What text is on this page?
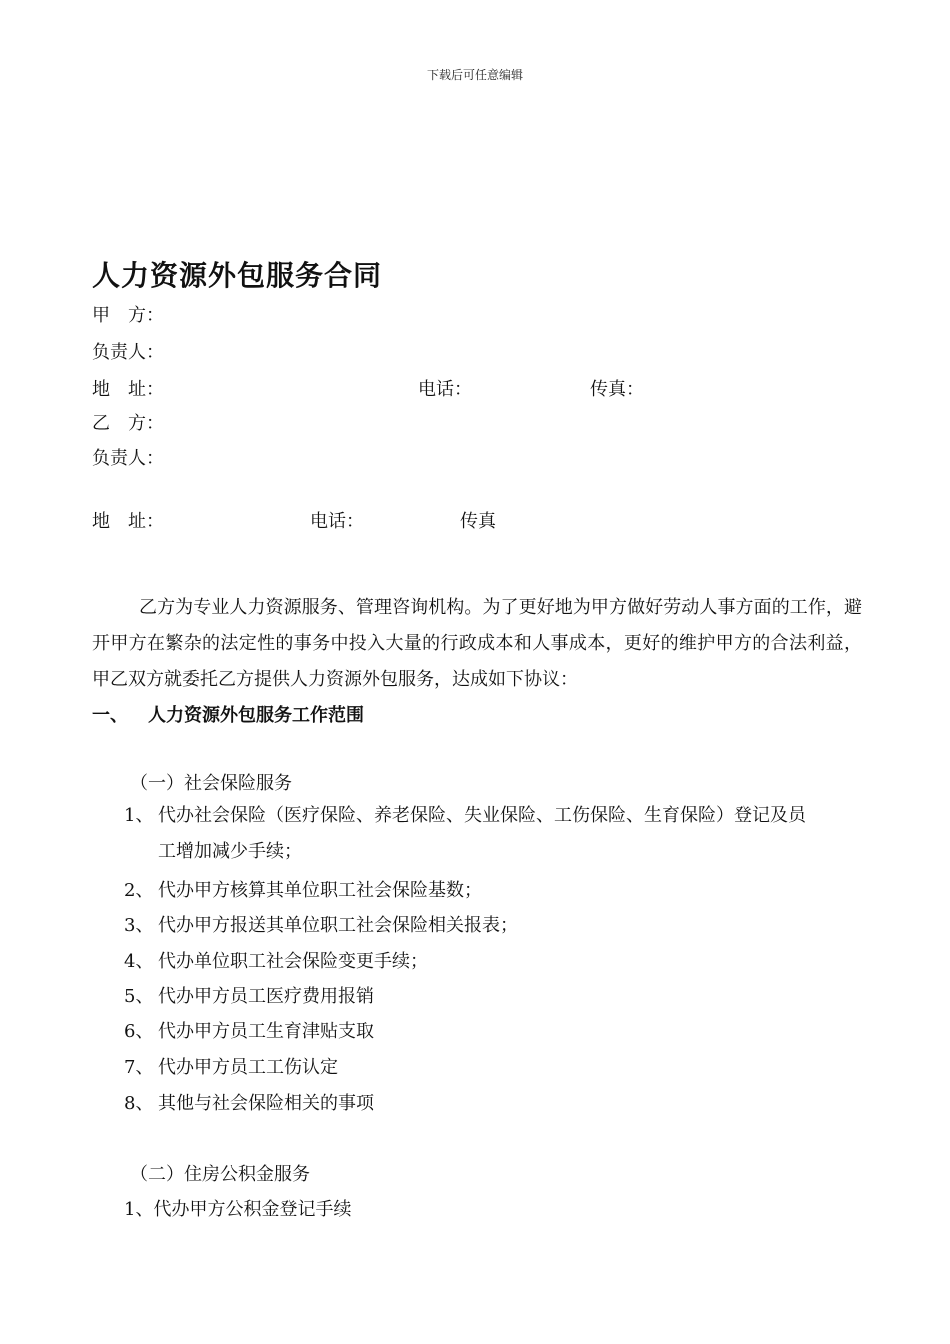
下载后可任意编辑
人力资源外包服务合同
甲　方：
负责人：
地　址：	电话：	传真：
乙　方：
负责人：
地　址：	电话：	传真
乙方为专业人力资源服务、管理咨询机构。为了更好地为甲方做好劳动人事方面的工作，避开甲方在繁杂的法定性的事务中投入大量的行政成本和人事成本，更好的维护甲方的合法利益，甲乙双方就委托乙方提供人力资源外包服务，达成如下协议：
一、 人力资源外包服务工作范围
（一）社会保险服务
1、 代办社会保险（医疗保险、养老保险、失业保险、工伤保险、生育保险）登记及员
工增加减少手续；
2、 代办甲方核算其单位职工社会保险基数；
3、 代办甲方报送其单位职工社会保险相关报表；
4、 代办单位职工社会保险变更手续；
5、 代办甲方员工医疗费用报销
6、 代办甲方员工生育津贴支取
7、 代办甲方员工工伤认定
8、 其他与社会保险相关的事项
（二）住房公积金服务
1、代办甲方公积金登记手续
